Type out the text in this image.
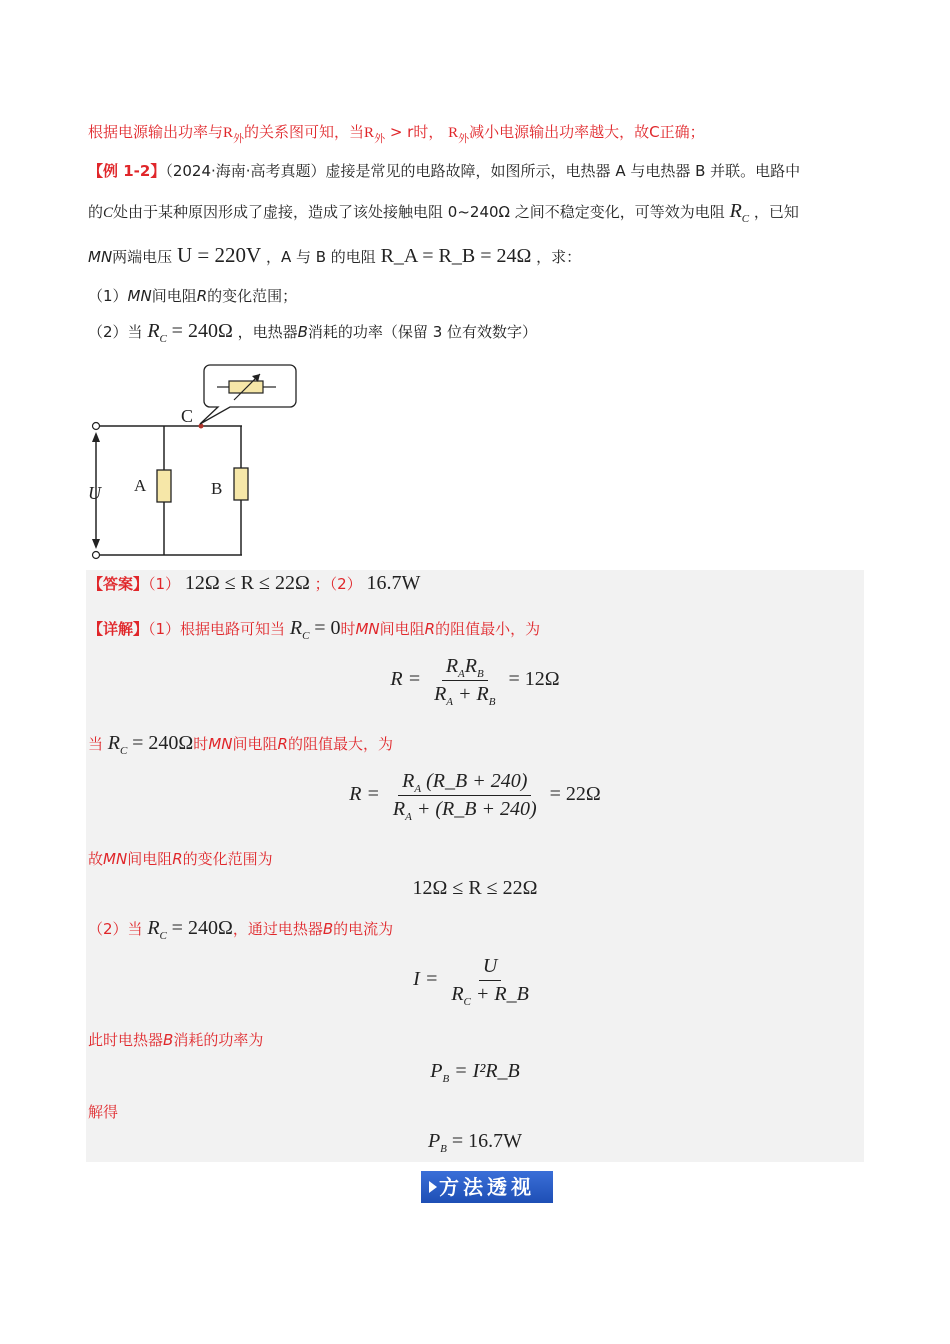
根据电源输出功率与$R_外$的关系图可知，当$R_外 > r$时， $R_外$减小电源输出功率越大，故C正确；
【例 1-2】（2024·海南·高考真题）虚接是常见的电路故障，如图所示，电热器 A 与电热器 B 并联。电路中
的C处由于某种原因形成了虚接，造成了该处接触电阻 0~240Ω 之间不稳定变化，可等效为电阻 $R_C$ ，已知
MN两端电压 U = 220V ，A 与 B 的电阻 R_A = R_B = 24Ω ，求：
（1）MN间电阻R的变化范围；
（2）当 $R_C = 240\Omega$ ，电热器B消耗的功率（保留 3 位有效数字）
C
U A	B
【答案】（1） 12Ω ≤ R ≤ 22Ω ；（2） 16.7W
【详解】（1）根据电路可知当 $R_C = 0$时MN间电阻R的阻值最小，为
$R = \frac{R_AR_B}{R_A + R_B} = 12\Omega$
当 $R_C = 240\Omega$时MN间电阻R的阻值最大，为
$R = \frac{R_A (R\_B + 240)}{R_A + (R\_B + 240)} = 22\Omega$
故MN间电阻R的变化范围为
12Ω ≤ R ≤ 22Ω
（2）当 $R_C = 240\Omega$，通过电热器B的电流为
$I = \frac{U}{R_C + R\_B}$
此时电热器B消耗的功率为
$P_B$ = I²R_B
解得
$P_B = 16.7W$
方法透视
